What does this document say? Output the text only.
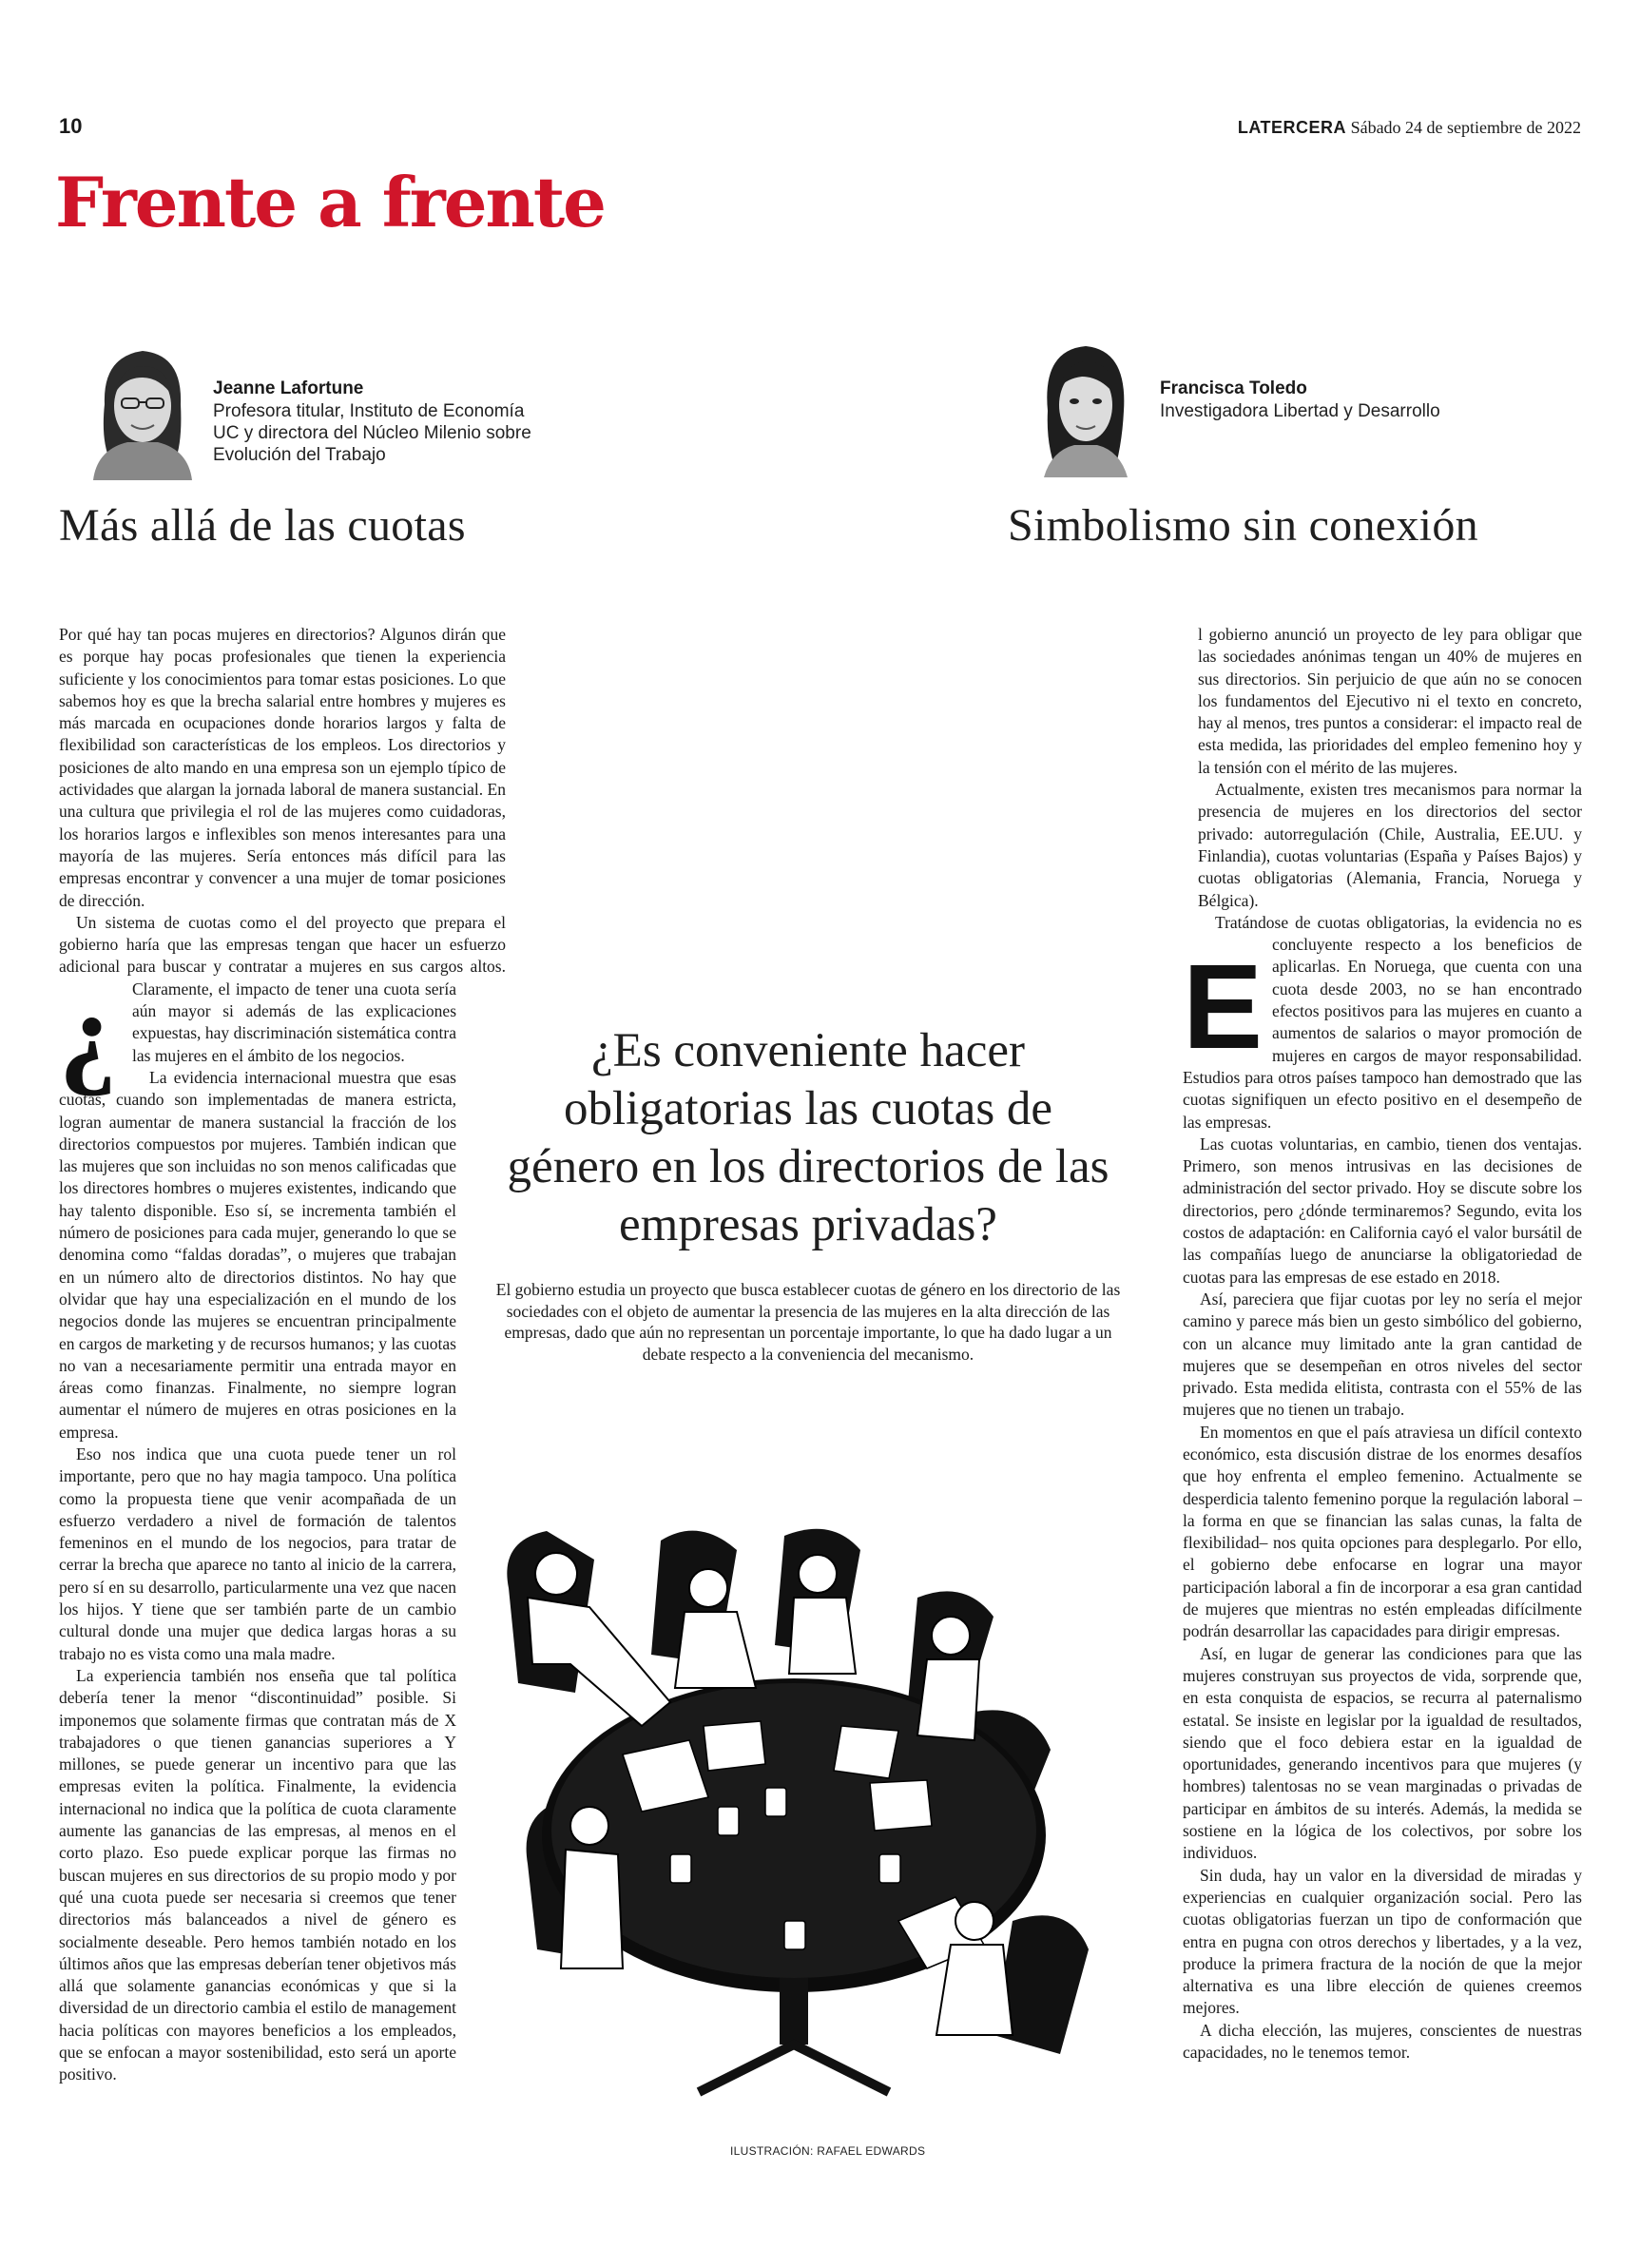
10	LATERCERA Sábado 24 de septiembre de 2022
Frente a frente
Jeanne Lafortune
Profesora titular, Instituto de Economía
UC y directora del Núcleo Milenio sobre
Evolución del Trabajo
Más allá de las cuotas
Francisca Toledo
Investigadora Libertad y Desarrollo
Simbolismo sin conexión
¿

Por qué hay tan pocas mujeres en directorios? Algunos dirán que es porque hay pocas profesionales que tienen la experiencia suficiente y los conocimientos para tomar estas posiciones. Lo que sabemos hoy es que la brecha salarial entre hombres y mujeres es más marcada en ocupaciones donde horarios largos y falta de flexibilidad son características de los empleos. Los directorios y posiciones de alto mando en una empresa son un ejemplo típico de actividades que alargan la jornada laboral de manera sustancial. En una cultura que privilegia el rol de las mujeres como cuidadoras, los horarios largos e inflexibles son menos interesantes para una mayoría de las mujeres. Sería entonces más difícil para las empresas encontrar y convencer a una mujer de tomar posiciones de dirección.

Un sistema de cuotas como el del proyecto que prepara el gobierno haría que las empresas tengan que hacer un esfuerzo adicional para buscar y contratar a mujeres en sus cargos altos. Claramente, el impacto de tener una cuota sería aún mayor si además de las explicaciones expuestas, hay discriminación sistemática contra las mujeres en el ámbito de los negocios.

La evidencia internacional muestra que esas cuotas, cuando son implementadas de manera estricta, logran aumentar de manera sustancial la fracción de los directorios compuestos por mujeres. También indican que las mujeres que son incluidas no son menos calificadas que los directores hombres o mujeres existentes, indicando que hay talento disponible. Eso sí, se incrementa también el número de posiciones para cada mujer, generando lo que se denomina como “faldas doradas”, o mujeres que trabajan en un número alto de directorios distintos. No hay que olvidar que hay una especialización en el mundo de los negocios donde las mujeres se encuentran principalmente en cargos de marketing y de recursos humanos; y las cuotas no van a necesariamente permitir una entrada mayor en áreas como finanzas. Finalmente, no siempre logran aumentar el número de mujeres en otras posiciones en la empresa.

Eso nos indica que una cuota puede tener un rol importante, pero que no hay magia tampoco. Una política como la propuesta tiene que venir acompañada de un esfuerzo verdadero a nivel de formación de talentos femeninos en el mundo de los negocios, para tratar de cerrar la brecha que aparece no tanto al inicio de la carrera, pero sí en su desarrollo, particularmente una vez que nacen los hijos. Y tiene que ser también parte de un cambio cultural donde una mujer que dedica largas horas a su trabajo no es vista como una mala madre.

La experiencia también nos enseña que tal política debería tener la menor “discontinuidad” posible. Si imponemos que solamente firmas que contratan más de X trabajadores o que tienen ganancias superiores a Y millones, se puede generar un incentivo para que las empresas eviten la política. Finalmente, la evidencia internacional no indica que la política de cuota claramente aumente las ganancias de las empresas, al menos en el corto plazo. Eso puede explicar porque las firmas no buscan mujeres en sus directorios de su propio modo y por qué una cuota puede ser necesaria si creemos que tener directorios más balanceados a nivel de género es socialmente deseable. Pero hemos también notado en los últimos años que las empresas deberían tener objetivos más allá que solamente ganancias económicas y que si la diversidad de un directorio cambia el estilo de management hacia políticas con mayores beneficios a los empleados, que se enfocan a mayor sostenibilidad, esto será un aporte positivo.

E

l gobierno anunció un proyecto de ley para obligar que las sociedades anónimas tengan un 40% de mujeres en sus directorios. Sin perjuicio de que aún no se conocen los fundamentos del Ejecutivo ni el texto en concreto, hay al menos, tres puntos a considerar: el impacto real de esta medida, las prioridades del empleo femenino hoy y la tensión con el mérito de las mujeres.

Actualmente, existen tres mecanismos para normar la presencia de mujeres en los directorios del sector privado: autorregulación (Chile, Australia, EE.UU. y Finlandia), cuotas voluntarias (España y Países Bajos) y cuotas obligatorias (Alemania, Francia, Noruega y Bélgica).

Tratándose de cuotas obligatorias, la evidencia no es concluyente respecto a los beneficios de aplicarlas. En Noruega, que cuenta con una cuota desde 2003, no se han encontrado efectos positivos para las mujeres en cuanto a aumentos de salarios o mayor promoción de mujeres en cargos de mayor responsabilidad. Estudios para otros países tampoco han demostrado que las cuotas signifiquen un efecto positivo en el desempeño de las empresas.

Las cuotas voluntarias, en cambio, tienen dos ventajas. Primero, son menos intrusivas en las decisiones de administración del sector privado. Hoy se discute sobre los directorios, pero ¿dónde terminaremos? Segundo, evita los costos de adaptación: en California cayó el valor bursátil de las compañías luego de anunciarse la obligatoriedad de cuotas para las empresas de ese estado en 2018.

Así, pareciera que fijar cuotas por ley no sería el mejor camino y parece más bien un gesto simbólico del gobierno, con un alcance muy limitado ante la gran cantidad de mujeres que se desempeñan en otros niveles del sector privado. Esta medida elitista, contrasta con el 55% de las mujeres que no tienen un trabajo.

En momentos en que el país atraviesa un difícil contexto económico, esta discusión distrae de los enormes desafíos que hoy enfrenta el empleo femenino. Actualmente se desperdicia talento femenino porque la regulación laboral –la forma en que se financian las salas cunas, la falta de flexibilidad– nos quita opciones para desplegarlo. Por ello, el gobierno debe enfocarse en lograr una mayor participación laboral a fin de incorporar a esa gran cantidad de mujeres que mientras no estén empleadas difícilmente podrán desarrollar las capacidades para dirigir empresas.

Así, en lugar de generar las condiciones para que las mujeres construyan sus proyectos de vida, sorprende que, en esta conquista de espacios, se recurra al paternalismo estatal. Se insiste en legislar por la igualdad de resultados, siendo que el foco debiera estar en la igualdad de oportunidades, generando incentivos para que mujeres (y hombres) talentosas no se vean marginadas o privadas de participar en ámbitos de su interés. Además, la medida se sostiene en la lógica de los colectivos, por sobre los individuos.

Sin duda, hay un valor en la diversidad de miradas y experiencias en cualquier organización social. Pero las cuotas obligatorias fuerzan un tipo de conformación que entra en pugna con otros derechos y libertades, y a la vez, produce la primera fractura de la noción de que la mejor alternativa es una libre elección de quienes creemos mejores.

A dicha elección, las mujeres, conscientes de nuestras capacidades, no le tenemos temor.

¿Es conveniente hacer obligatorias las cuotas de género en los directorios de las empresas privadas?
El gobierno estudia un proyecto que busca establecer cuotas de género en los directorio de las sociedades con el objeto de aumentar la presencia de las mujeres en la alta dirección de las empresas, dado que aún no representan un porcentaje importante, lo que ha dado lugar a un debate respecto a la conveniencia del mecanismo.
ILUSTRACIÓN: RAFAEL EDWARDS
